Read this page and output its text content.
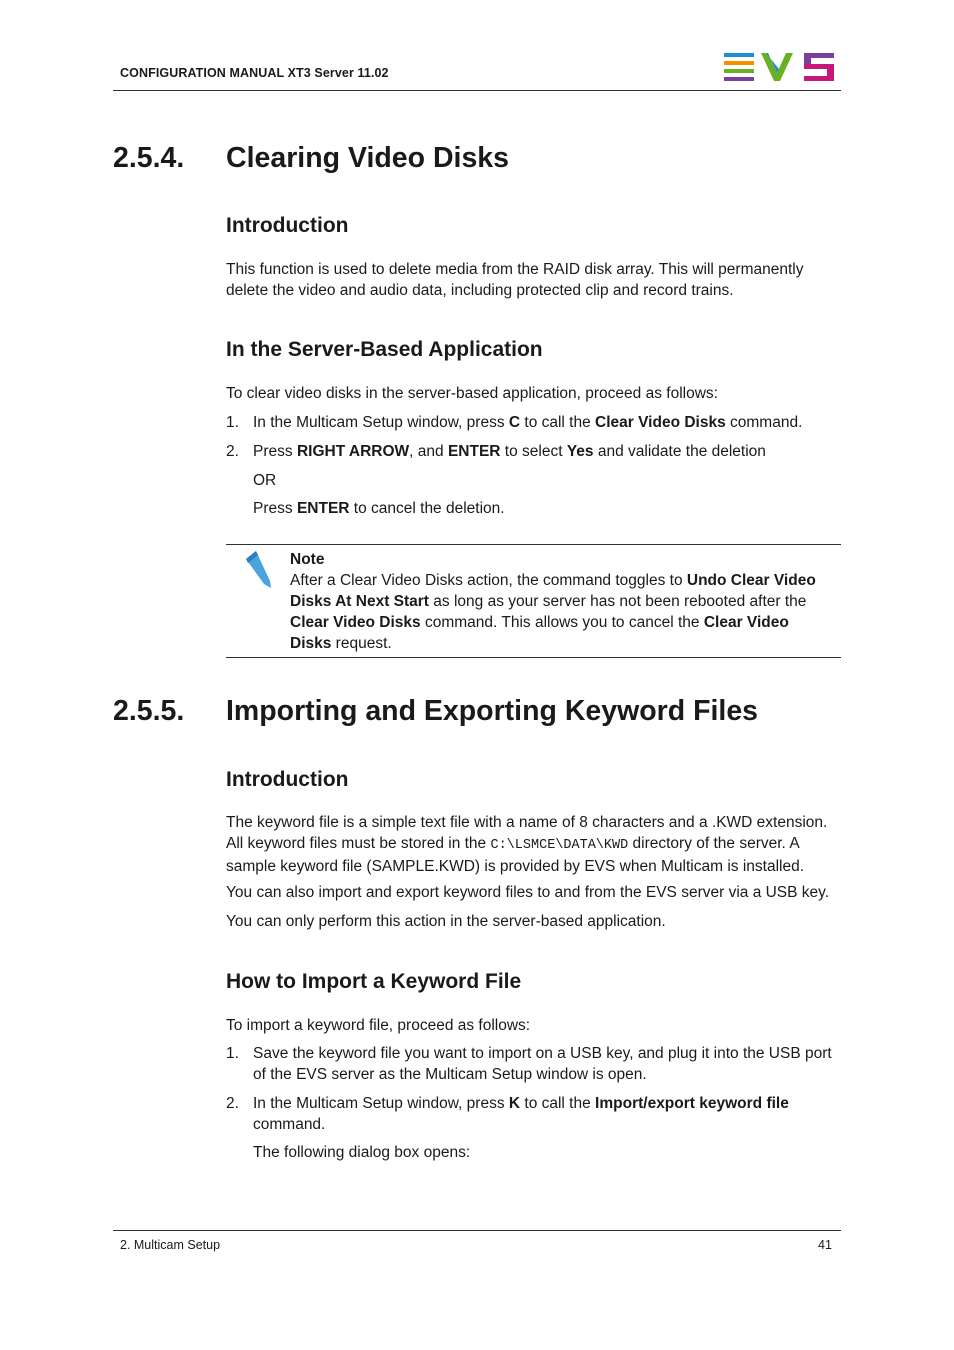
CONFIGURATION MANUAL XT3 Server 11.02
2.5.4. Clearing Video Disks
Introduction
This function is used to delete media from the RAID disk array. This will permanently
delete the video and audio data, including protected clip and record trains.
In the Server-Based Application
To clear video disks in the server-based application, proceed as follows:
1. In the Multicam Setup window, press C to call the Clear Video Disks command.
2. Press RIGHT ARROW, and ENTER to select Yes and validate the deletion
OR
Press ENTER to cancel the deletion.
Note
After a Clear Video Disks action, the command toggles to Undo Clear Video
Disks At Next Start as long as your server has not been rebooted after the
Clear Video Disks command. This allows you to cancel the Clear Video
Disks request.
2.5.5. Importing and Exporting Keyword Files
Introduction
The keyword file is a simple text file with a name of 8 characters and a .KWD extension.
All keyword files must be stored in the C:\LSMCE\DATA\KWD directory of the server. A
sample keyword file (SAMPLE.KWD) is provided by EVS when Multicam is installed.
You can also import and export keyword files to and from the EVS server via a USB key.
You can only perform this action in the server-based application.
How to Import a Keyword File
To import a keyword file, proceed as follows:
1. Save the keyword file you want to import on a USB key, and plug it into the USB port
of the EVS server as the Multicam Setup window is open.
2. In the Multicam Setup window, press K to call the Import/export keyword file
command.
The following dialog box opens:
2. Multicam Setup	41
